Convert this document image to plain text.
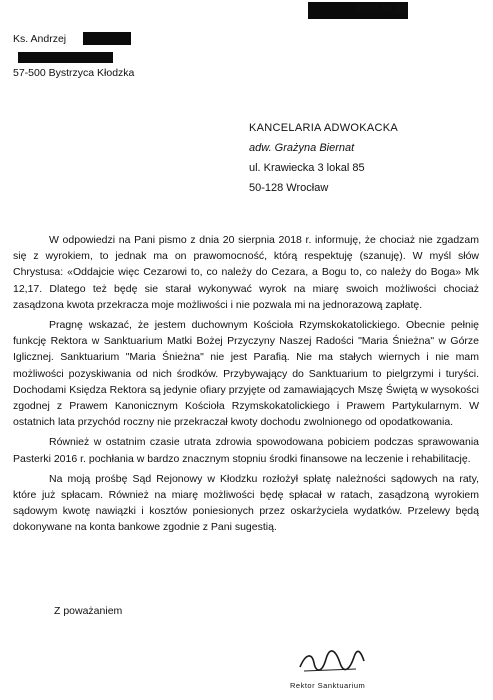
2018.09.10
Ks. Andrzej
57-500 Bystrzyca Kłodzka
KANCELARIA ADWOKACKA
adw. Grażyna Biernat
ul. Krawiecka 3 lokal 85
50-128 Wrocław

W odpowiedzi na Pani pismo z dnia 20 sierpnia 2018 r. informuję, że chociaż nie zgadzam się z wyrokiem, to jednak ma on prawomocność, którą respektuję (szanuję). W myśl słów Chrystusa: «Oddajcie więc Cezarowi to, co należy do Cezara, a Bogu to, co należy do Boga» Mk 12,17. Dlatego też będę sie starał wykonywać wyrok na miarę swoich możliwości chociaż zasądzona kwota przekracza moje możliwości i nie pozwala mi na jednorazową zapłatę.

Pragnę wskazać, że jestem duchownym Kościoła Rzymskokatolickiego. Obecnie pełnię funkcję Rektora w Sanktuarium Matki Bożej Przyczyny Naszej Radości "Maria Śnieżna" w Górze Iglicznej. Sanktuarium "Maria Śnieżna" nie jest Parafią. Nie ma stałych wiernych i nie mam możliwości pozyskiwania od nich środków. Przybywający do Sanktuarium to pielgrzymi i turyści. Dochodami Księdza Rektora są jedynie ofiary przyjęte od zamawiających Mszę Świętą w wysokości zgodnej z Prawem Kanonicznym Kościoła Rzymskokatolickiego i Prawem Partykularnym. W ostatnich lata przychód roczny nie przekraczał kwoty dochodu zwolnionego od opodatkowania.

Również w ostatnim czasie utrata zdrowia spowodowana pobiciem podczas sprawowania Pasterki 2016 r. pochłania w bardzo znacznym stopniu środki finansowe na leczenie i rehabilitację.

Na moją prośbę Sąd Rejonowy w Kłodzku rozłożył spłatę należności sądowych na raty, które już spłacam. Również na miarę możliwości będę spłacał w ratach, zasądzoną wyrokiem sądowym kwotę nawiązki i kosztów poniesionych przez oskarżyciela wydatków. Przelewy będą dokonywane na konta bankowe zgodnie z Pani sugestią.

Z poważaniem
Rektor Sanktuarium
